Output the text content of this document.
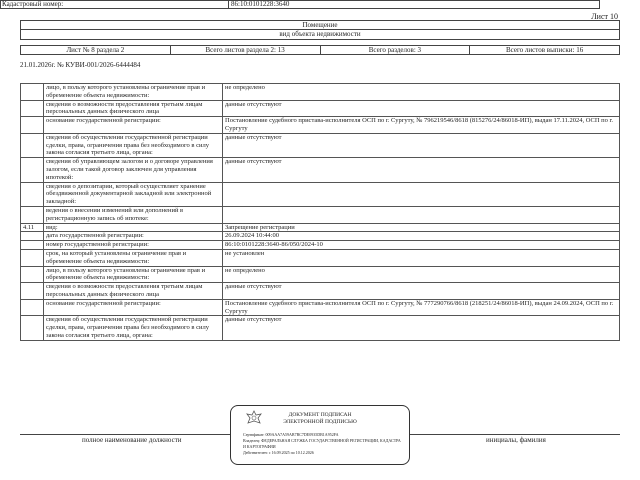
Лист 10
Помещение
вид объекта недвижимости
Лист № 8 раздела 2	Всего листов раздела 2: 13	Всего разделов: 3	Всего листов выписки: 16
21.01.2026г. № КУВИ-001/2026-6444484
Кадастровый номер:	86:10:0101228:3640
	лицо, в пользу которого установлены ограничение прав и обременение объекта недвижимости:	не определено
	сведения о возможности предоставления третьим лицам персональных данных физического лица	данные отсутствуют
	основание государственной регистрации:	Постановление судебного пристава-исполнителя ОСП по г. Сургуту, № 796219546/8618 (815276/24/86018-ИП), выдан 17.11.2024, ОСП по г. Сургуту
	сведения об осуществлении государственной регистрации сделки, права, ограничения права без необходимого в силу закона согласия третьего лица, органа:	данные отсутствуют
	сведения об управляющем залогом и о договоре управления залогом, если такой договор заключен для управления ипотекой:	данные отсутствуют
	сведения о депозитарии, который осуществляет хранение обездвиженной документарной закладной или электронной закладной:	
	ведения о внесении изменений или дополнений в регистрационную запись об ипотеке:	
4.11	вид:	Запрещение регистрации
	дата государственной регистрации:	26.09.2024 10:44:00
	номер государственной регистрации:	86:10:0101228:3640-86/050/2024-10
	срок, на который установлены ограничение прав и обременение объекта недвижимости:	не установлен
	лицо, в пользу которого установлены ограничение прав и обременение объекта недвижимости:	не определено
	сведения о возможности предоставления третьим лицам персональных данных физического лица	данные отсутствуют
	основание государственной регистрации:	Постановление судебного пристава-исполнителя ОСП по г. Сургуту, № 777290766/8618 (218251/24/86018-ИП), выдан 24.09.2024, ОСП по г. Сургуту
	сведения об осуществлении государственной регистрации сделки, права, ограничения права без необходимого в силу закона согласия третьего лица, органа:	данные отсутствуют
полное наименование должности	инициалы, фамилия
ДОКУМЕНТ ПОДПИСАН
ЭЛЕКТРОННОЙ ПОДПИСЬЮ
Сертификат: 009AAA7A59AB7BC7DE0935DB1A952FA
Владелец: ФЕДЕРАЛЬНАЯ СЛУЖБА ГОСУДАРСТВЕННОЙ РЕГИСТРАЦИИ, КАДАСТРА И КАРТОГРАФИИ
Действителен: с 16.09.2025 по 10.12.2026
